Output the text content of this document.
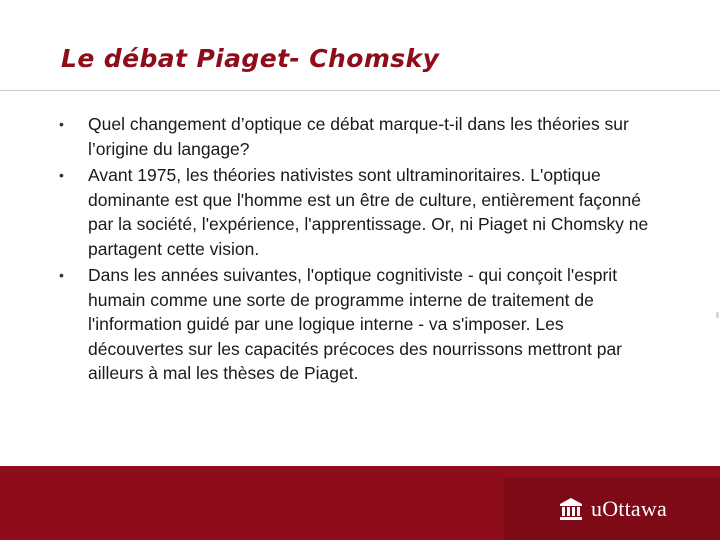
Le débat Piaget- Chomsky
• Quel changement d’optique ce débat marque-t-il dans les théories sur l’origine du langage?
• Avant 1975, les théories nativistes sont ultraminoritaires. L'optique dominante est que l'homme est un être de culture, entièrement façonné par la société, l'expérience, l'apprentissage. Or, ni Piaget ni Chomsky ne partagent cette vision.
• Dans les années suivantes, l'optique cognitiviste - qui conçoit l'esprit humain comme une sorte de programme interne de traitement de l'information guidé par une logique interne - va s'imposer. Les découvertes sur les capacités précoces des nourrissons mettront par ailleurs à mal les thèses de Piaget.
uOttawa
